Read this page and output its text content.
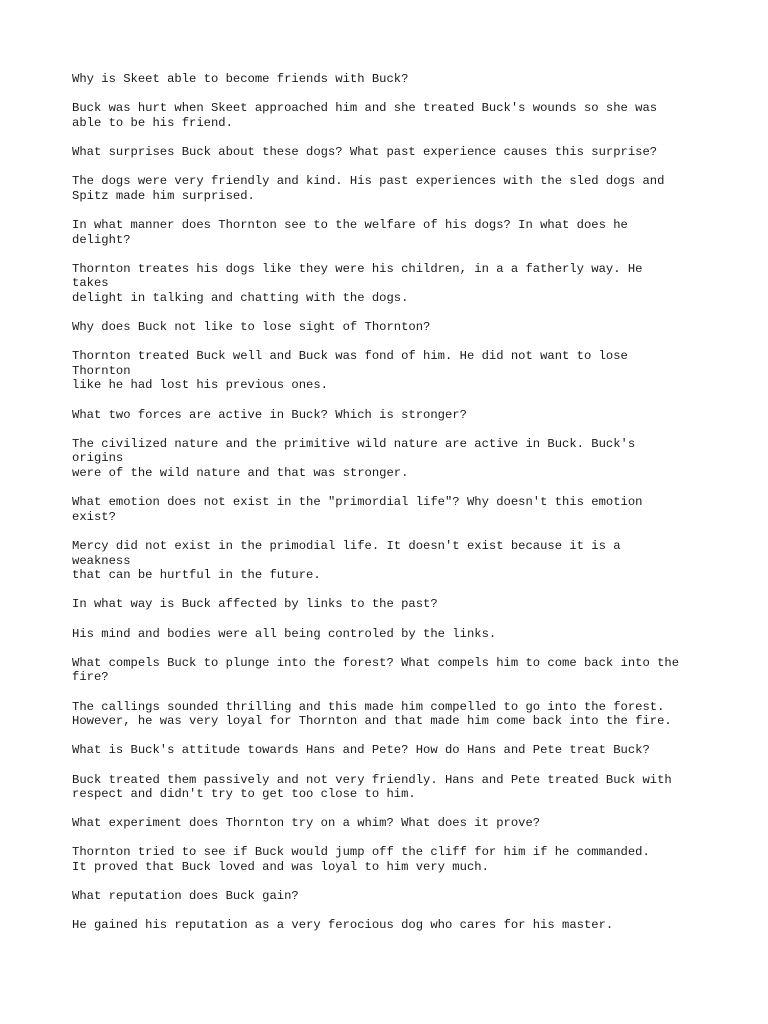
Why is Skeet able to become friends with Buck?

Buck was hurt when Skeet approached him and she treated Buck's wounds so she was
able to be his friend.

What surprises Buck about these dogs? What past experience causes this surprise?

The dogs were very friendly and kind. His past experiences with the sled dogs and
Spitz made him surprised.

In what manner does Thornton see to the welfare of his dogs? In what does he
delight?

Thornton treates his dogs like they were his children, in a a fatherly way. He
takes
delight in talking and chatting with the dogs.

Why does Buck not like to lose sight of Thornton?

Thornton treated Buck well and Buck was fond of him. He did not want to lose
Thornton
like he had lost his previous ones.

What two forces are active in Buck? Which is stronger?

The civilized nature and the primitive wild nature are active in Buck. Buck's
origins
were of the wild nature and that was stronger.

What emotion does not exist in the "primordial life"? Why doesn't this emotion
exist?

Mercy did not exist in the primodial life. It doesn't exist because it is a
weakness
that can be hurtful in the future.

In what way is Buck affected by links to the past?

His mind and bodies were all being controled by the links.

What compels Buck to plunge into the forest? What compels him to come back into the
fire?

The callings sounded thrilling and this made him compelled to go into the forest.
However, he was very loyal for Thornton and that made him come back into the fire.

What is Buck's attitude towards Hans and Pete? How do Hans and Pete treat Buck?

Buck treated them passively and not very friendly. Hans and Pete treated Buck with
respect and didn't try to get too close to him.

What experiment does Thornton try on a whim? What does it prove?

Thornton tried to see if Buck would jump off the cliff for him if he commanded.
It proved that Buck loved and was loyal to him very much.

What reputation does Buck gain?

He gained his reputation as a very ferocious dog who cares for his master.
